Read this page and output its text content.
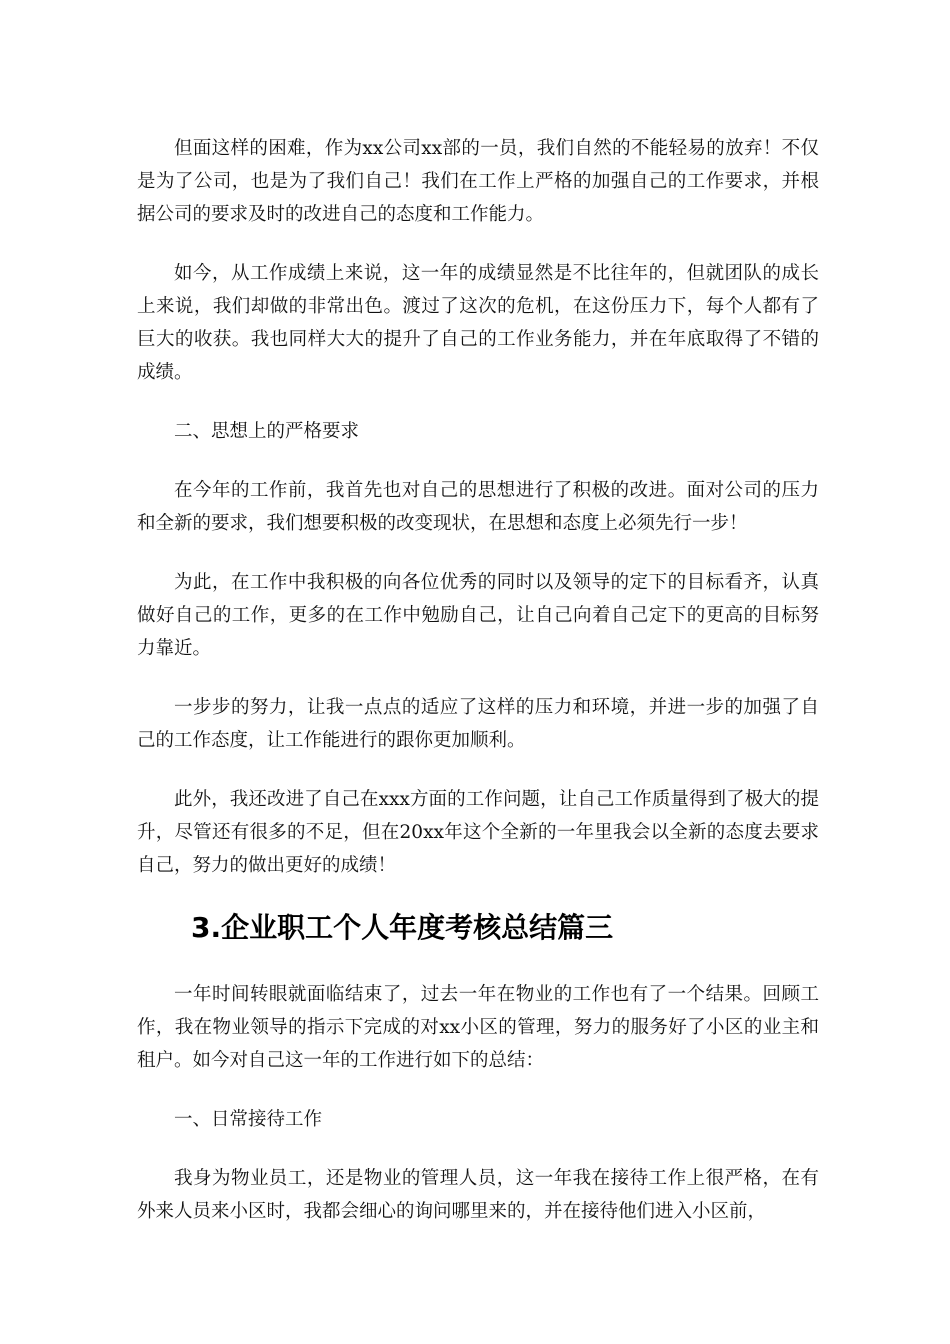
但面这样的困难，作为xx公司xx部的一员，我们自然的不能轻易的放弃！不仅是为了公司，也是为了我们自己！我们在工作上严格的加强自己的工作要求，并根据公司的要求及时的改进自己的态度和工作能力。

如今，从工作成绩上来说，这一年的成绩显然是不比往年的，但就团队的成长上来说，我们却做的非常出色。渡过了这次的危机，在这份压力下，每个人都有了巨大的收获。我也同样大大的提升了自己的工作业务能力，并在年底取得了不错的成绩。

二、思想上的严格要求

在今年的工作前，我首先也对自己的思想进行了积极的改进。面对公司的压力和全新的要求，我们想要积极的改变现状，在思想和态度上必须先行一步！

为此，在工作中我积极的向各位优秀的同时以及领导的定下的目标看齐，认真做好自己的工作，更多的在工作中勉励自己，让自己向着自己定下的更高的目标努力靠近。

一步步的努力，让我一点点的适应了这样的压力和环境，并进一步的加强了自己的工作态度，让工作能进行的跟你更加顺利。

此外，我还改进了自己在xxx方面的工作问题，让自己工作质量得到了极大的提升，尽管还有很多的不足，但在20xx年这个全新的一年里我会以全新的态度去要求自己，努力的做出更好的成绩！

3.企业职工个人年度考核总结篇三

一年时间转眼就面临结束了，过去一年在物业的工作也有了一个结果。回顾工作，我在物业领导的指示下完成的对xx小区的管理，努力的服务好了小区的业主和租户。如今对自己这一年的工作进行如下的总结：

一、日常接待工作

我身为物业员工，还是物业的管理人员，这一年我在接待工作上很严格，在有外来人员来小区时，我都会细心的询问哪里来的，并在接待他们进入小区前，
